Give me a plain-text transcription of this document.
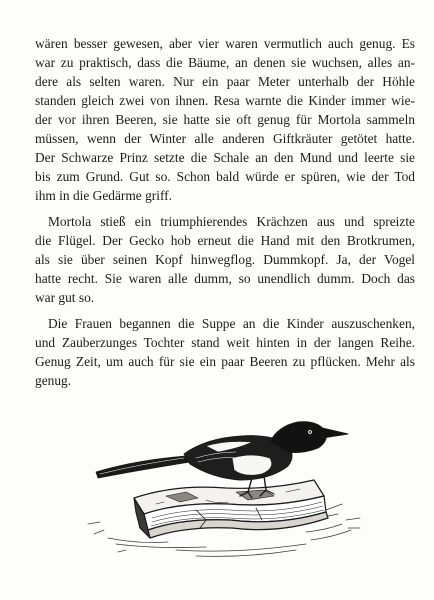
wären besser gewesen, aber vier waren vermutlich auch genug. Es
war zu praktisch, dass die Bäume, an denen sie wuchsen, alles an-
dere als selten waren. Nur ein paar Meter unterhalb der Höhle
standen gleich zwei von ihnen. Resa warnte die Kinder immer wie-
der vor ihren Beeren, sie hatte sie oft genug für Mortola sammeln
müssen, wenn der Winter alle anderen Giftkräuter getötet hatte.
Der Schwarze Prinz setzte die Schale an den Mund und leerte sie
bis zum Grund. Gut so. Schon bald würde er spüren, wie der Tod
ihm in die Gedärme griff.
Mortola stieß ein triumphierendes Krächzen aus und spreizte
die Flügel. Der Gecko hob erneut die Hand mit den Brotkrumen,
als sie über seinen Kopf hinwegflog. Dummkopf. Ja, der Vogel
hatte recht. Sie waren alle dumm, so unendlich dumm. Doch das
war gut so.
Die Frauen begannen die Suppe an die Kinder auszuschenken,
und Zauberzunges Tochter stand weit hinten in der langen Reihe.
Genug Zeit, um auch für sie ein paar Beeren zu pflücken. Mehr als
genug.
